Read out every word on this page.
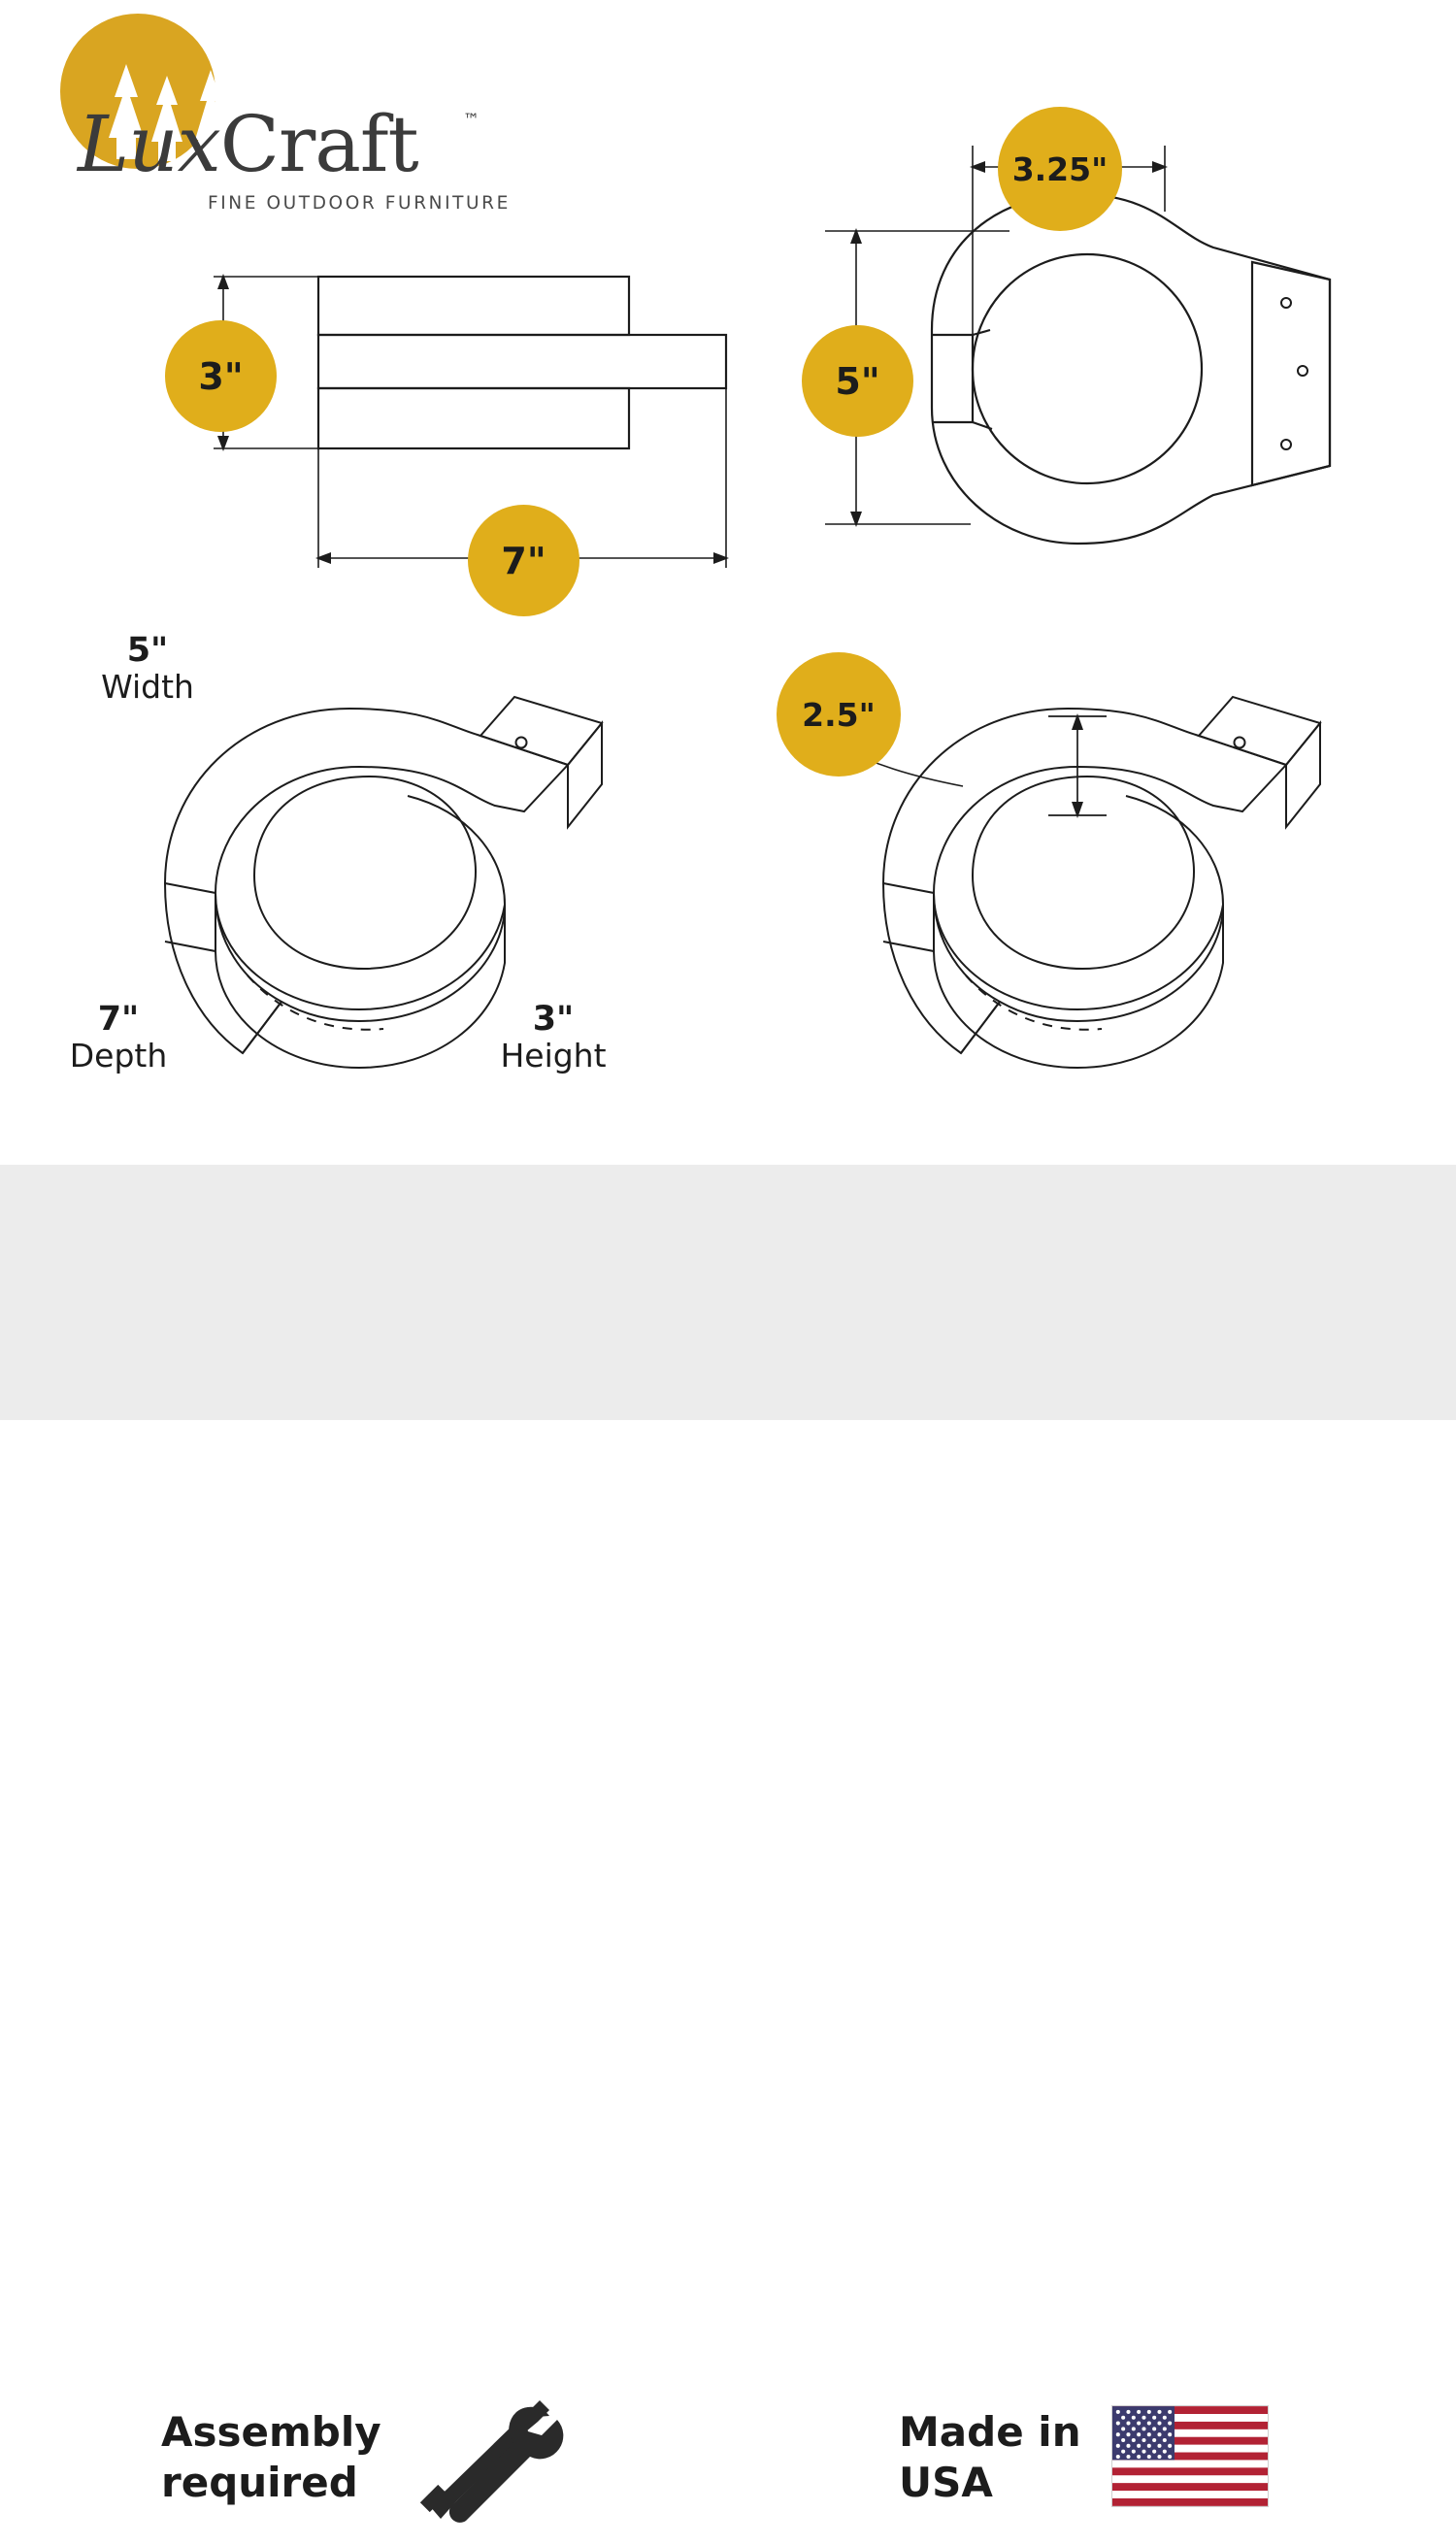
LuxCraft	™
FINE OUTDOOR FURNITURE
3"
7"
5"
3.25"
5"
Width
7"
Depth
3"
Height
2.5"
Assembly
required
Made in
USA
